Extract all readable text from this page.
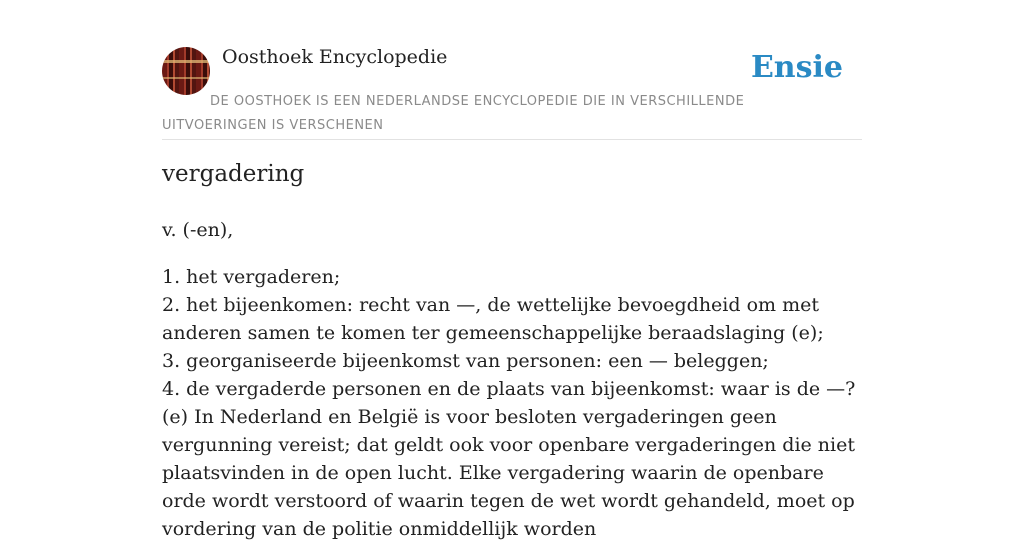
Oosthoek Encyclopedie	Ensie
DE OOSTHOEK IS EEN NEDERLANDSE ENCYCLOPEDIE DIE IN VERSCHILLENDE UITVOERINGEN IS VERSCHENEN
vergadering

v. (-en),

1. het vergaderen;
2. het bijeenkomen: recht van —, de wettelijke bevoegdheid om met anderen samen te komen ter gemeenschappelijke beraadslaging (e);
3. georganiseerde bijeenkomst van personen: een — beleggen;
4. de vergaderde personen en de plaats van bijeenkomst: waar is de —? (e) In Nederland en België is voor besloten vergaderingen geen vergunning vereist; dat geldt ook voor openbare vergaderingen die niet plaatsvinden in de open lucht. Elke vergadering waarin de openbare orde wordt verstoord of waarin tegen de wet wordt gehandeld, moet op vordering van de politie onmiddellijk worden
